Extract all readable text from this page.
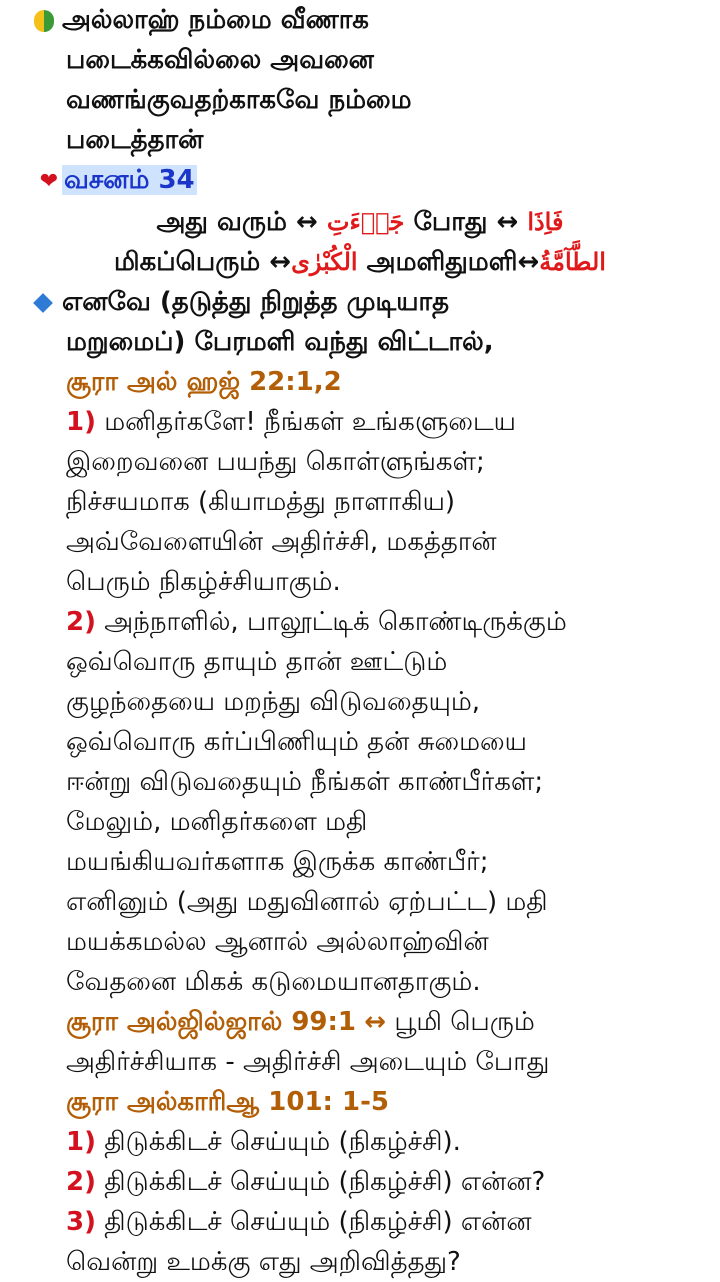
அல்லாஹ் நம்மை வீணாக
படைக்கவில்லை அவனை
வணங்குவதற்காகவே நம்மை
படைத்தான்
❤ வசனம் 34
அது வரும் ↔ جَاۤءَتِ போது ↔ فَاِذَا
மிகப்பெரும் ↔الْكُبْرٰى அமளிதுமளி↔الطَّآمَّةُ
எனவே (தடுத்து நிறுத்த முடியாத
மறுமைப்) பேரமளி வந்து விட்டால்,
சூரா அல் ஹஜ் 22:1,2
1) மனிதர்களே! நீங்கள் உங்களுடைய
இறைவனை பயந்து கொள்ளுங்கள்;
நிச்சயமாக (கியாமத்து நாளாகிய)
அவ்வேளையின் அதிர்ச்சி, மகத்தான்
பெரும் நிகழ்ச்சியாகும்.
2) அந்நாளில், பாலூட்டிக் கொண்டிருக்கும்
ஒவ்வொரு தாயும் தான் ஊட்டும்
குழந்தையை மறந்து விடுவதையும்,
ஒவ்வொரு கர்ப்பிணியும் தன் சுமையை
ஈன்று விடுவதையும் நீங்கள் காண்பீர்கள்;
மேலும், மனிதர்களை மதி
மயங்கியவர்களாக இருக்க காண்பீர்;
எனினும் (அது மதுவினால் ஏற்பட்ட) மதி
மயக்கமல்ல ஆனால் அல்லாஹ்வின்
வேதனை மிகக் கடுமையானதாகும்.
சூரா அல்ஜில்ஜால் 99:1 ↔ பூமி பெரும்
அதிர்ச்சியாக - அதிர்ச்சி அடையும் போது
சூரா அல்காரிஆ 101: 1-5
1) திடுக்கிடச் செய்யும் (நிகழ்ச்சி).
2) திடுக்கிடச் செய்யும் (நிகழ்ச்சி) என்ன?
3) திடுக்கிடச் செய்யும் (நிகழ்ச்சி) என்ன
வென்று உமக்கு எது அறிவித்தது?
